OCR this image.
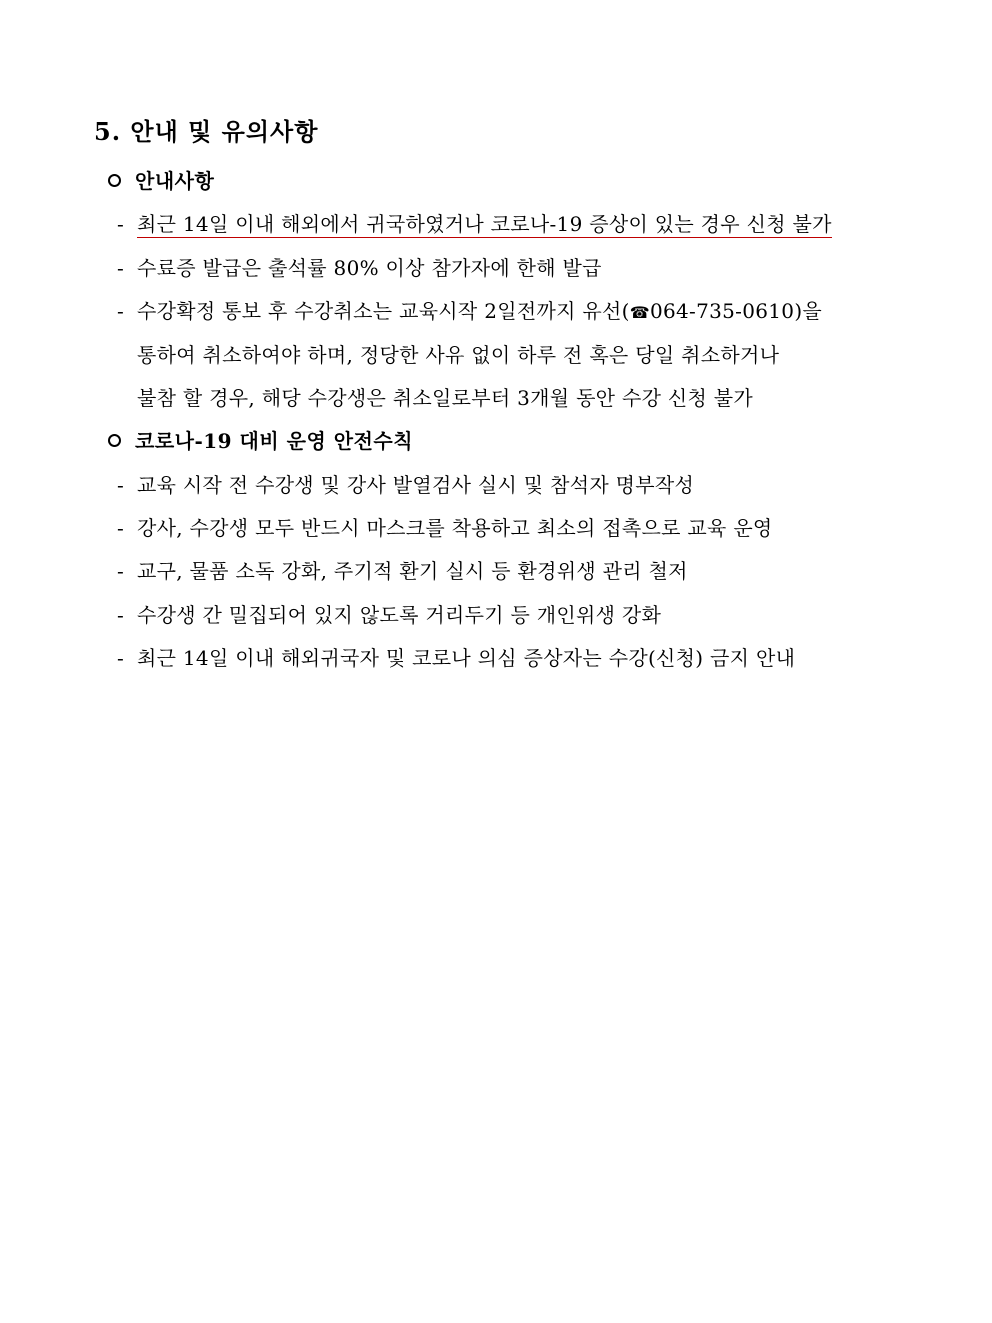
5. 안내 및 유의사항
안내사항
- 최근 14일 이내 해외에서 귀국하였거나 코로나-19 증상이 있는 경우 신청 불가
- 수료증 발급은 출석률 80% 이상 참가자에 한해 발급
- 수강확정 통보 후 수강취소는 교육시작 2일전까지 유선(☎064-735-0610)을
통하여 취소하여야 하며, 정당한 사유 없이 하루 전 혹은 당일 취소하거나
불참 할 경우, 해당 수강생은 취소일로부터 3개월 동안 수강 신청 불가
코로나-19 대비 운영 안전수칙
- 교육 시작 전 수강생 및 강사 발열검사 실시 및 참석자 명부작성
- 강사, 수강생 모두 반드시 마스크를 착용하고 최소의 접촉으로 교육 운영
- 교구, 물품 소독 강화, 주기적 환기 실시 등 환경위생 관리 철저
- 수강생 간 밀집되어 있지 않도록 거리두기 등 개인위생 강화
- 최근 14일 이내 해외귀국자 및 코로나 의심 증상자는 수강(신청) 금지 안내
